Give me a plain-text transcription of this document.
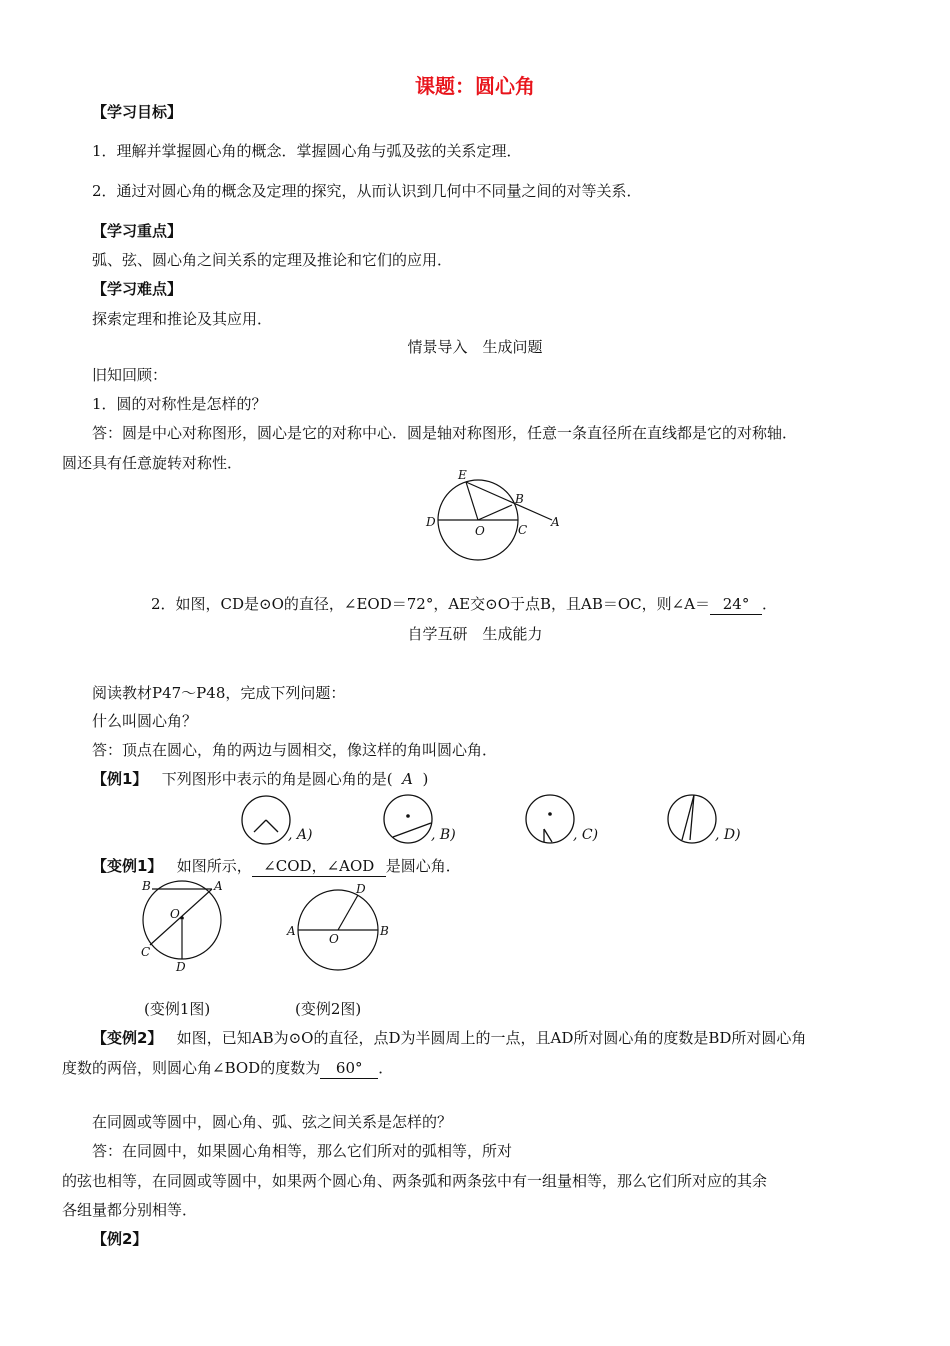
课题：圆心角
【学习目标】
1．理解并掌握圆心角的概念．掌握圆心角与弧及弦的关系定理．
2．通过对圆心角的概念及定理的探究，从而认识到几何中不同量之间的对等关系．
【学习重点】
弧、弦、圆心角之间关系的定理及推论和它们的应用．
【学习难点】
探索定理和推论及其应用．
情景导入　生成问题
旧知回顾：
1．圆的对称性是怎样的？
答：圆是中心对称图形，圆心是它的对称中心．圆是轴对称图形，任意一条直径所在直线都是它的对称轴．
圆还具有任意旋转对称性．
E
B
D	A
O	C
2．如图，CD是⊙O的直径，∠EOD＝72°，AE交⊙O于点B，且AB＝OC，则∠A＝ 24° ．
自学互研　生成能力
阅读教材P47～P48，完成下列问题：
什么叫圆心角？
答：顶点在圆心，角的两边与圆相交，像这样的角叫圆心角．
【例1】 下列图形中表示的角是圆心角的是( A )
, A)	, B)	, C)	, D)
【变例1】 如图所示， ∠COD，∠AOD 是圆心角．
B	A
O
C
D
D
A
O
B
(变例1图)	(变例2图)
【变例2】 如图，已知AB为⊙O的直径，点D为半圆周上的一点，且AD所对圆心角的度数是BD所对圆心角
度数的两倍，则圆心角∠BOD的度数为 60° ．
在同圆或等圆中，圆心角、弧、弦之间关系是怎样的？
答：在同圆中，如果圆心角相等，那么它们所对的弧相等，所对
的弦也相等，在同圆或等圆中，如果两个圆心角、两条弧和两条弦中有一组量相等，那么它们所对应的其余
各组量都分别相等．
【例2】
